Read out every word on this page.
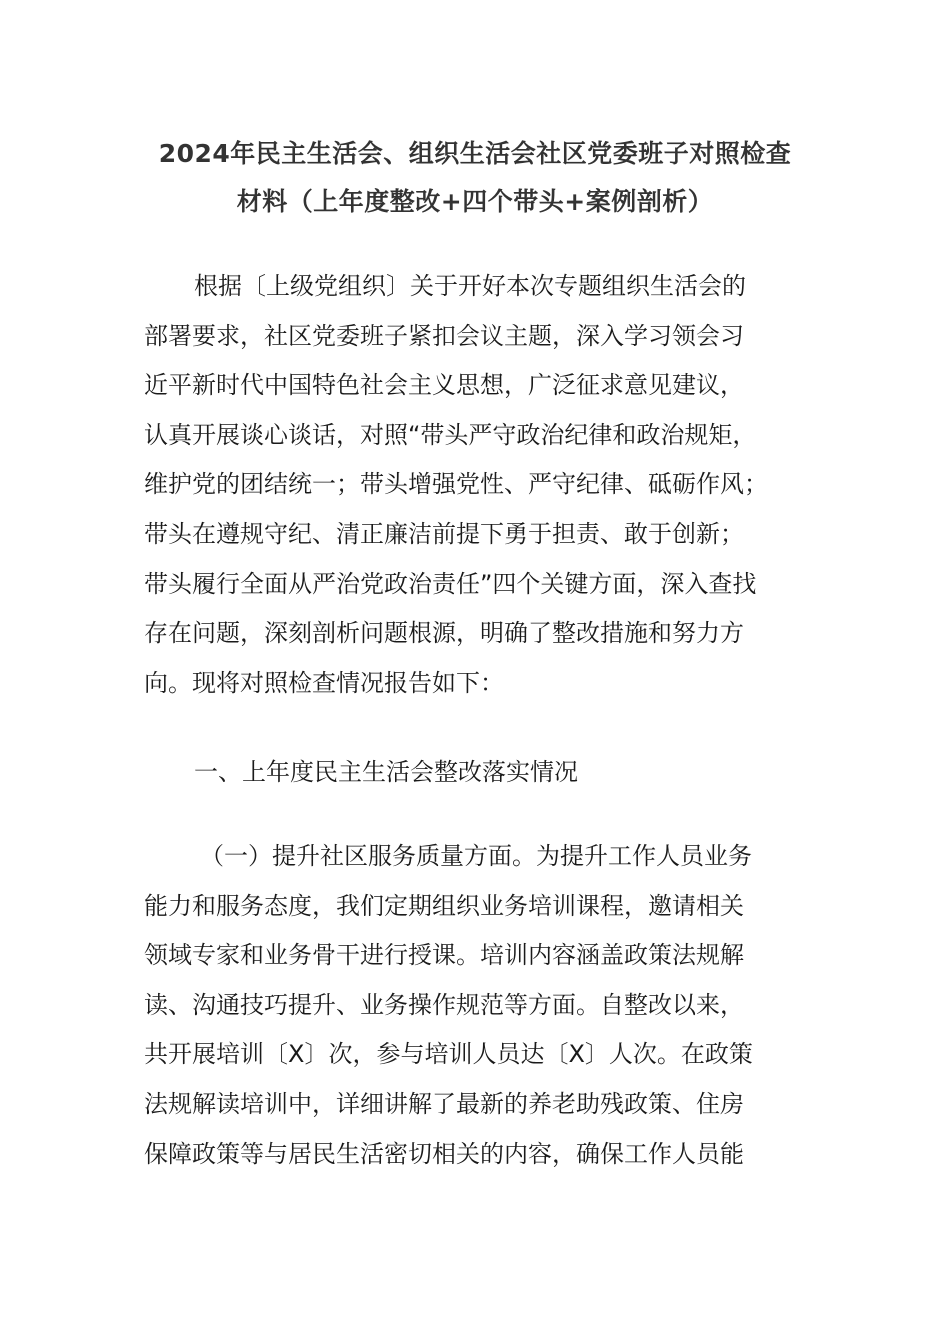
2024年民主生活会、组织生活会社区党委班子对照检查
材料（上年度整改+四个带头+案例剖析）
根据〔上级党组织〕关于开好本次专题组织生活会的
部署要求，社区党委班子紧扣会议主题，深入学习领会习
近平新时代中国特色社会主义思想，广泛征求意见建议，
认真开展谈心谈话，对照“带头严守政治纪律和政治规矩，
维护党的团结统一；带头增强党性、严守纪律、砥砺作风；
带头在遵规守纪、清正廉洁前提下勇于担责、敢于创新；
带头履行全面从严治党政治责任”四个关键方面，深入查找
存在问题，深刻剖析问题根源，明确了整改措施和努力方
向。现将对照检查情况报告如下：
一、上年度民主生活会整改落实情况
（一）提升社区服务质量方面。为提升工作人员业务
能力和服务态度，我们定期组织业务培训课程，邀请相关
领域专家和业务骨干进行授课。培训内容涵盖政策法规解
读、沟通技巧提升、业务操作规范等方面。自整改以来，
共开展培训〔X〕次，参与培训人员达〔X〕人次。在政策
法规解读培训中，详细讲解了最新的养老助残政策、住房
保障政策等与居民生活密切相关的内容，确保工作人员能
